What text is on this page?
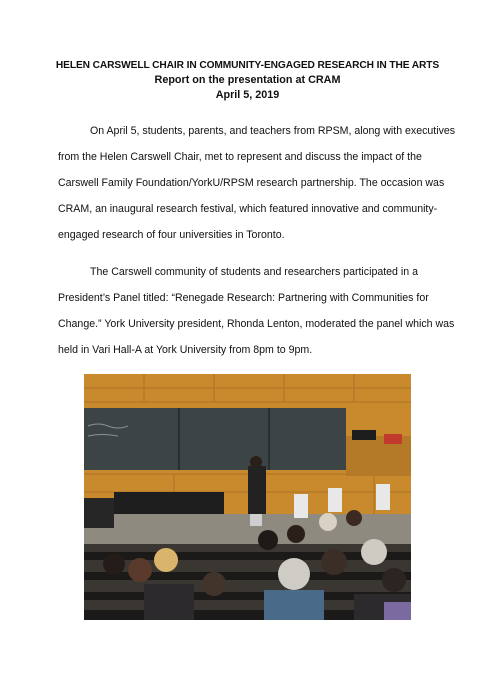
HELEN CARSWELL CHAIR IN COMMUNITY-ENGAGED RESEARCH IN THE ARTS
Report on the presentation at CRAM
April 5, 2019

On April 5, students, parents, and teachers from RPSM, along with executives
from the Helen Carswell Chair, met to represent and discuss the impact of the
Carswell Family Foundation/YorkU/RPSM research partnership. The occasion was
CRAM, an inaugural research festival, which featured innovative and community-
engaged research of four universities in Toronto.

The Carswell community of students and researchers participated in a
President’s Panel titled: “Renegade Research: Partnering with Communities for
Change.” York University president, Rhonda Lenton, moderated the panel which was
held in Vari Hall-A at York University from 8pm to 9pm.
